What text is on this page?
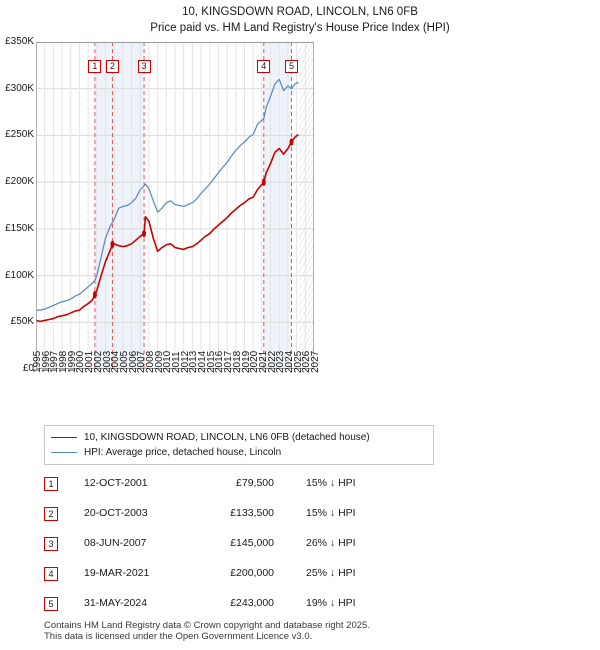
10, KINGSDOWN ROAD, LINCOLN, LN6 0FB
Price paid vs. HM Land Registry's House Price Index (HPI)
£0
£50K
£100K
£150K
£200K
£250K
£300K
£350K
1995
1996
1997
1998
1999
2000
2001
2002
2003
2004
2005
2006
2007
2008
2009
2010
2011
2012
2013
2014
2015
2016
2017
2018
2019
2020
2021
2022
2023
2024
2025
2026
2027
1	2	3	4	5
10, KINGSDOWN ROAD, LINCOLN, LN6 0FB (detached house)
HPI: Average price, detached house, Lincoln
1	12-OCT-2001	£79,500	15% ↓ HPI
2	20-OCT-2003	£133,500	15% ↓ HPI
3	08-JUN-2007	£145,000	26% ↓ HPI
4	19-MAR-2021	£200,000	25% ↓ HPI
5	31-MAY-2024	£243,000	19% ↓ HPI
Contains HM Land Registry data © Crown copyright and database right 2025.
This data is licensed under the Open Government Licence v3.0.
